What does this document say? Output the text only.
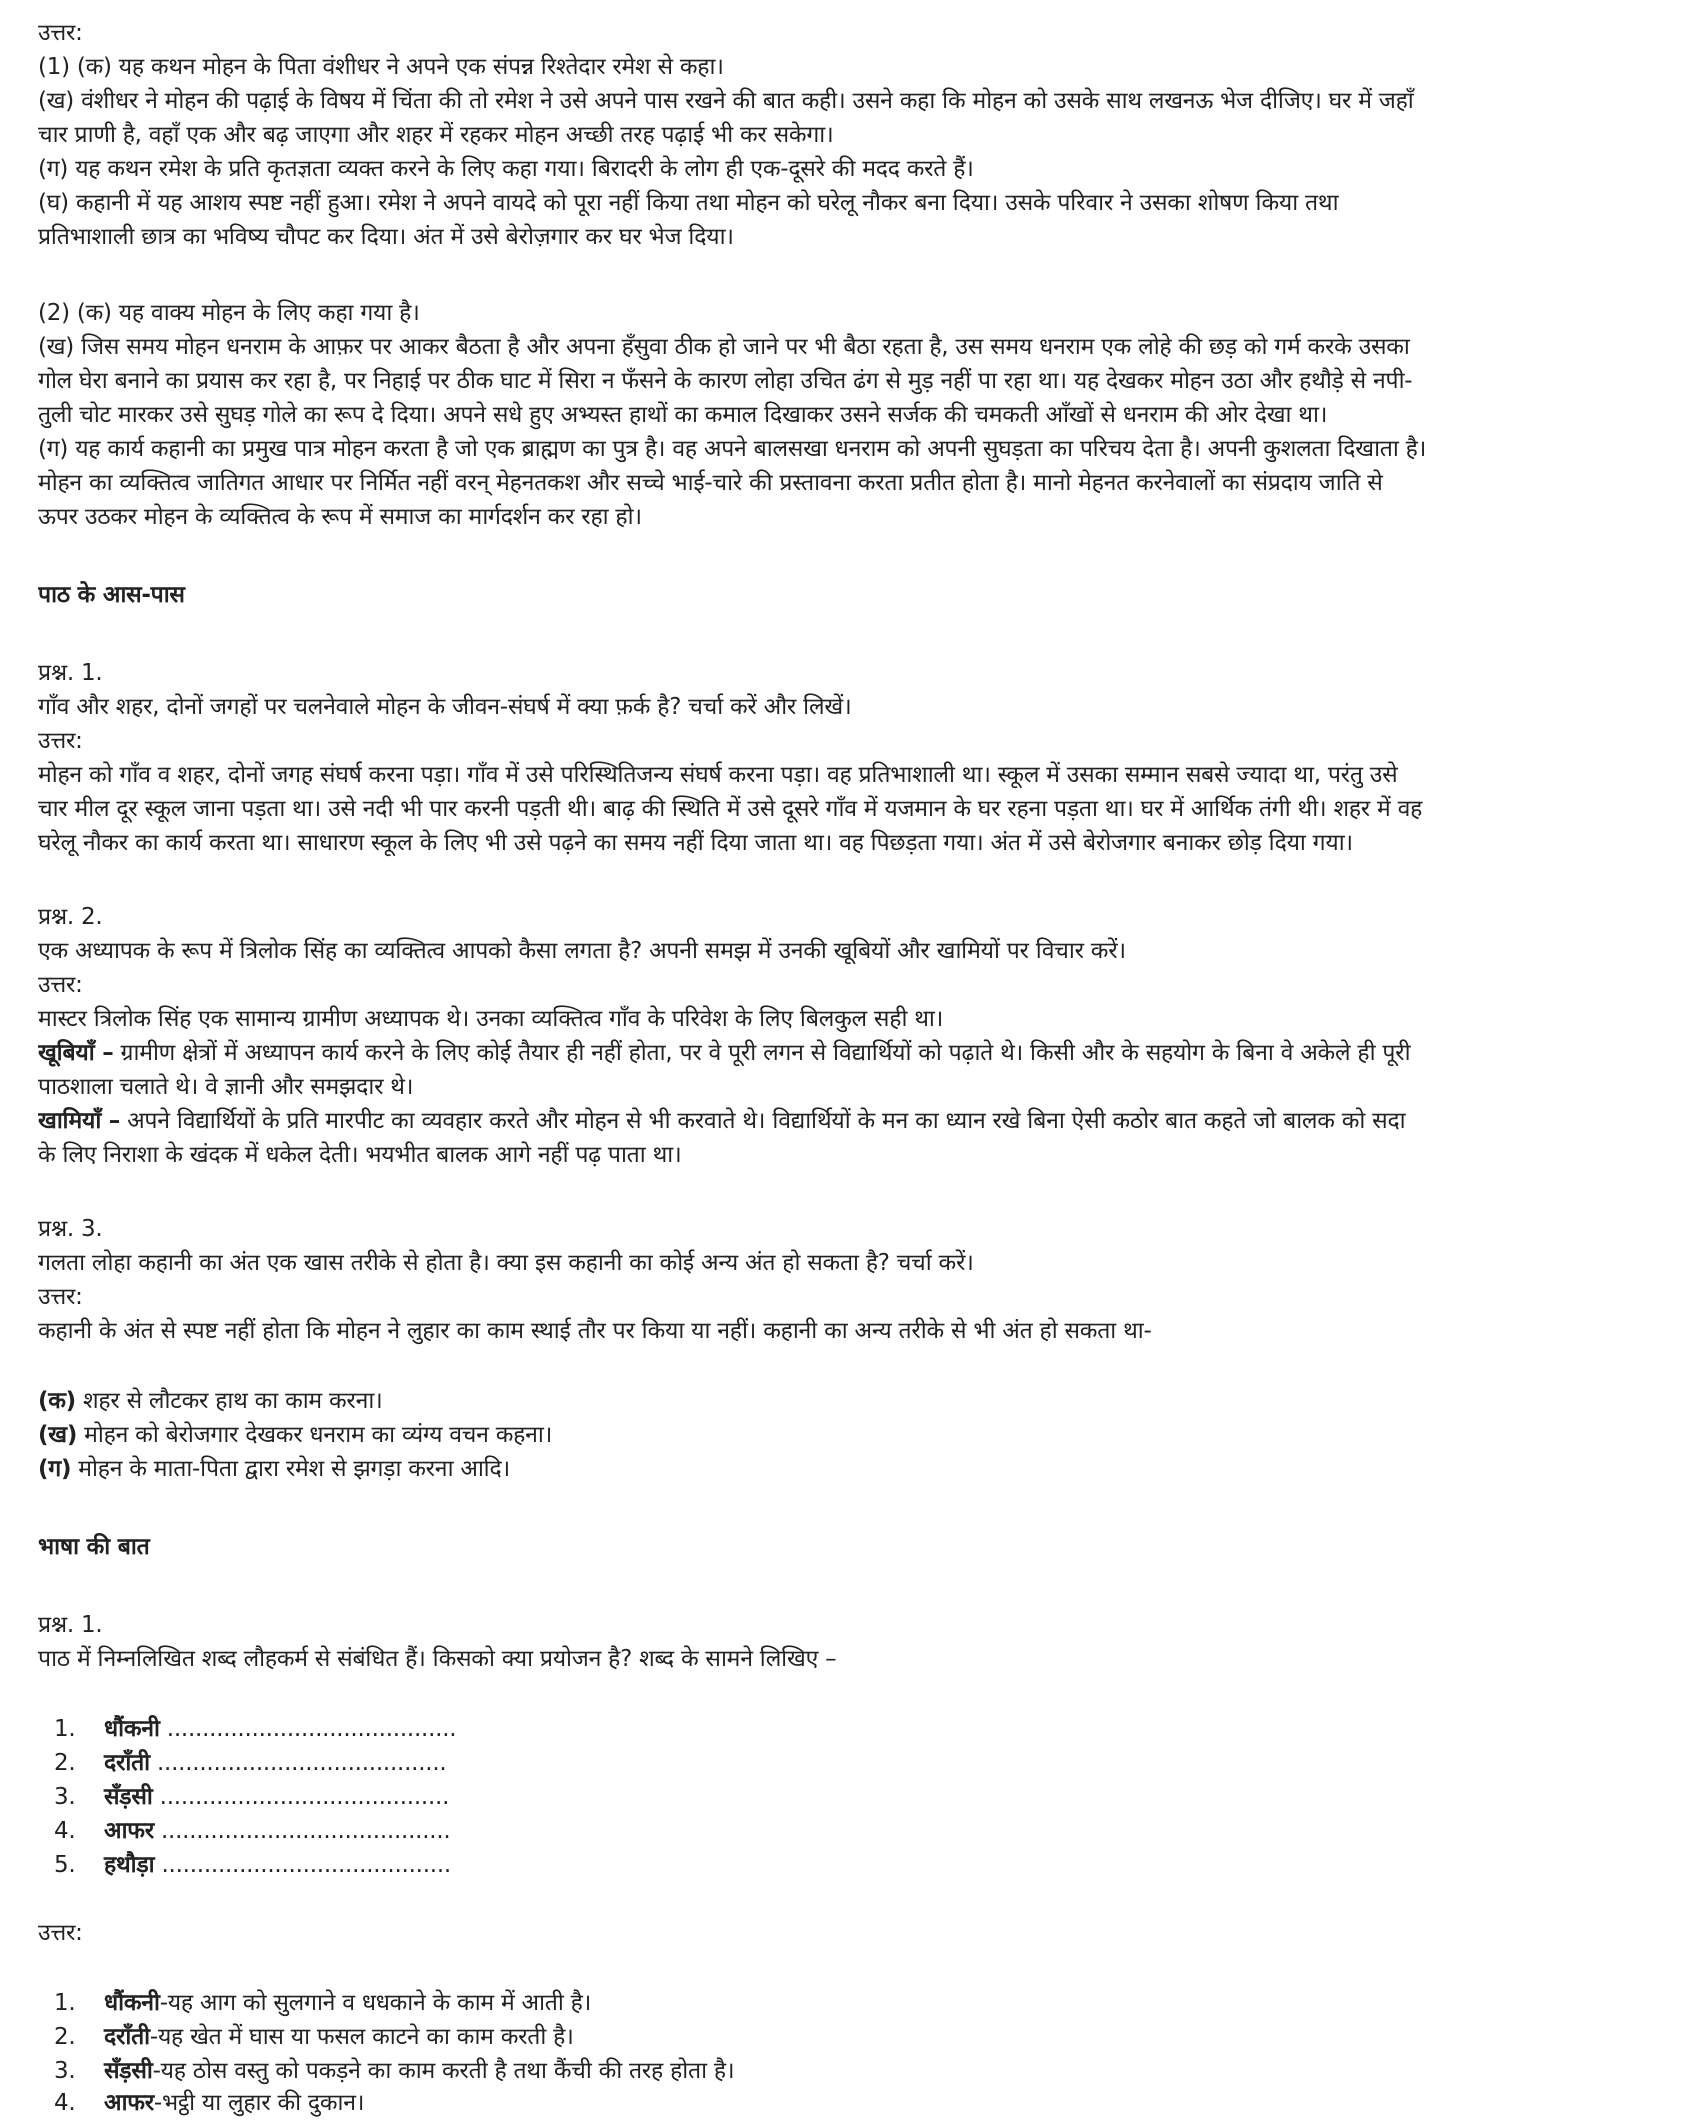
उत्तर:
(1) (क) यह कथन मोहन के पिता वंशीधर ने अपने एक संपन्न रिश्तेदार रमेश से कहा।
(ख) वंशीधर ने मोहन की पढ़ाई के विषय में चिंता की तो रमेश ने उसे अपने पास रखने की बात कही। उसने कहा कि मोहन को उसके साथ लखनऊ भेज दीजिए। घर में जहाँ
चार प्राणी है, वहाँ एक और बढ़ जाएगा और शहर में रहकर मोहन अच्छी तरह पढ़ाई भी कर सकेगा।
(ग) यह कथन रमेश के प्रति कृतज्ञता व्यक्त करने के लिए कहा गया। बिरादरी के लोग ही एक-दूसरे की मदद करते हैं।
(घ) कहानी में यह आशय स्पष्ट नहीं हुआ। रमेश ने अपने वायदे को पूरा नहीं किया तथा मोहन को घरेलू नौकर बना दिया। उसके परिवार ने उसका शोषण किया तथा
प्रतिभाशाली छात्र का भविष्य चौपट कर दिया। अंत में उसे बेरोज़गार कर घर भेज दिया।
(2) (क) यह वाक्य मोहन के लिए कहा गया है।
(ख) जिस समय मोहन धनराम के आफ़र पर आकर बैठता है और अपना हँसुवा ठीक हो जाने पर भी बैठा रहता है, उस समय धनराम एक लोहे की छड़ को गर्म करके उसका
गोल घेरा बनाने का प्रयास कर रहा है, पर निहाई पर ठीक घाट में सिरा न फँसने के कारण लोहा उचित ढंग से मुड़ नहीं पा रहा था। यह देखकर मोहन उठा और हथौड़े से नपी-
तुली चोट मारकर उसे सुघड़ गोले का रूप दे दिया। अपने सधे हुए अभ्यस्त हाथों का कमाल दिखाकर उसने सर्जक की चमकती आँखों से धनराम की ओर देखा था।
(ग) यह कार्य कहानी का प्रमुख पात्र मोहन करता है जो एक ब्राह्मण का पुत्र है। वह अपने बालसखा धनराम को अपनी सुघड़ता का परिचय देता है। अपनी कुशलता दिखाता है।
मोहन का व्यक्तित्व जातिगत आधार पर निर्मित नहीं वरन् मेहनतकश और सच्चे भाई-चारे की प्रस्तावना करता प्रतीत होता है। मानो मेहनत करनेवालों का संप्रदाय जाति से
ऊपर उठकर मोहन के व्यक्तित्व के रूप में समाज का मार्गदर्शन कर रहा हो।
पाठ के आस-पास
प्रश्न. 1.
गाँव और शहर, दोनों जगहों पर चलनेवाले मोहन के जीवन-संघर्ष में क्या फ़र्क है? चर्चा करें और लिखें।
उत्तर:
मोहन को गाँव व शहर, दोनों जगह संघर्ष करना पड़ा। गाँव में उसे परिस्थितिजन्य संघर्ष करना पड़ा। वह प्रतिभाशाली था। स्कूल में उसका सम्मान सबसे ज्यादा था, परंतु उसे
चार मील दूर स्कूल जाना पड़ता था। उसे नदी भी पार करनी पड़ती थी। बाढ़ की स्थिति में उसे दूसरे गाँव में यजमान के घर रहना पड़ता था। घर में आर्थिक तंगी थी। शहर में वह
घरेलू नौकर का कार्य करता था। साधारण स्कूल के लिए भी उसे पढ़ने का समय नहीं दिया जाता था। वह पिछड़ता गया। अंत में उसे बेरोजगार बनाकर छोड़ दिया गया।
प्रश्न. 2.
एक अध्यापक के रूप में त्रिलोक सिंह का व्यक्तित्व आपको कैसा लगता है? अपनी समझ में उनकी खूबियों और खामियों पर विचार करें।
उत्तर:
मास्टर त्रिलोक सिंह एक सामान्य ग्रामीण अध्यापक थे। उनका व्यक्तित्व गाँव के परिवेश के लिए बिलकुल सही था।
खूबियाँ – ग्रामीण क्षेत्रों में अध्यापन कार्य करने के लिए कोई तैयार ही नहीं होता, पर वे पूरी लगन से विद्यार्थियों को पढ़ाते थे। किसी और के सहयोग के बिना वे अकेले ही पूरी
पाठशाला चलाते थे। वे ज्ञानी और समझदार थे।
खामियाँ – अपने विद्यार्थियों के प्रति मारपीट का व्यवहार करते और मोहन से भी करवाते थे। विद्यार्थियों के मन का ध्यान रखे बिना ऐसी कठोर बात कहते जो बालक को सदा
के लिए निराशा के खंदक में धकेल देती। भयभीत बालक आगे नहीं पढ़ पाता था।
प्रश्न. 3.
गलता लोहा कहानी का अंत एक खास तरीके से होता है। क्या इस कहानी का कोई अन्य अंत हो सकता है? चर्चा करें।
उत्तर:
कहानी के अंत से स्पष्ट नहीं होता कि मोहन ने लुहार का काम स्थाई तौर पर किया या नहीं। कहानी का अन्य तरीके से भी अंत हो सकता था-
(क) शहर से लौटकर हाथ का काम करना।
(ख) मोहन को बेरोजगार देखकर धनराम का व्यंग्य वचन कहना।
(ग) मोहन के माता-पिता द्वारा रमेश से झगड़ा करना आदि।
भाषा की बात
प्रश्न. 1.
पाठ में निम्नलिखित शब्द लौहकर्म से संबंधित हैं। किसको क्या प्रयोजन है? शब्द के सामने लिखिए –
1. धौंकनी .........................................
2. दराँती .........................................
3. सँड़सी .........................................
4. आफर .........................................
5. हथौड़ा .........................................
उत्तर:
1. धौंकनी-यह आग को सुलगाने व धधकाने के काम में आती है।
2. दराँती-यह खेत में घास या फसल काटने का काम करती है।
3. सँड़सी-यह ठोस वस्तु को पकड़ने का काम करती है तथा कैंची की तरह होता है।
4. आफर-भट्ठी या लुहार की दुकान।
